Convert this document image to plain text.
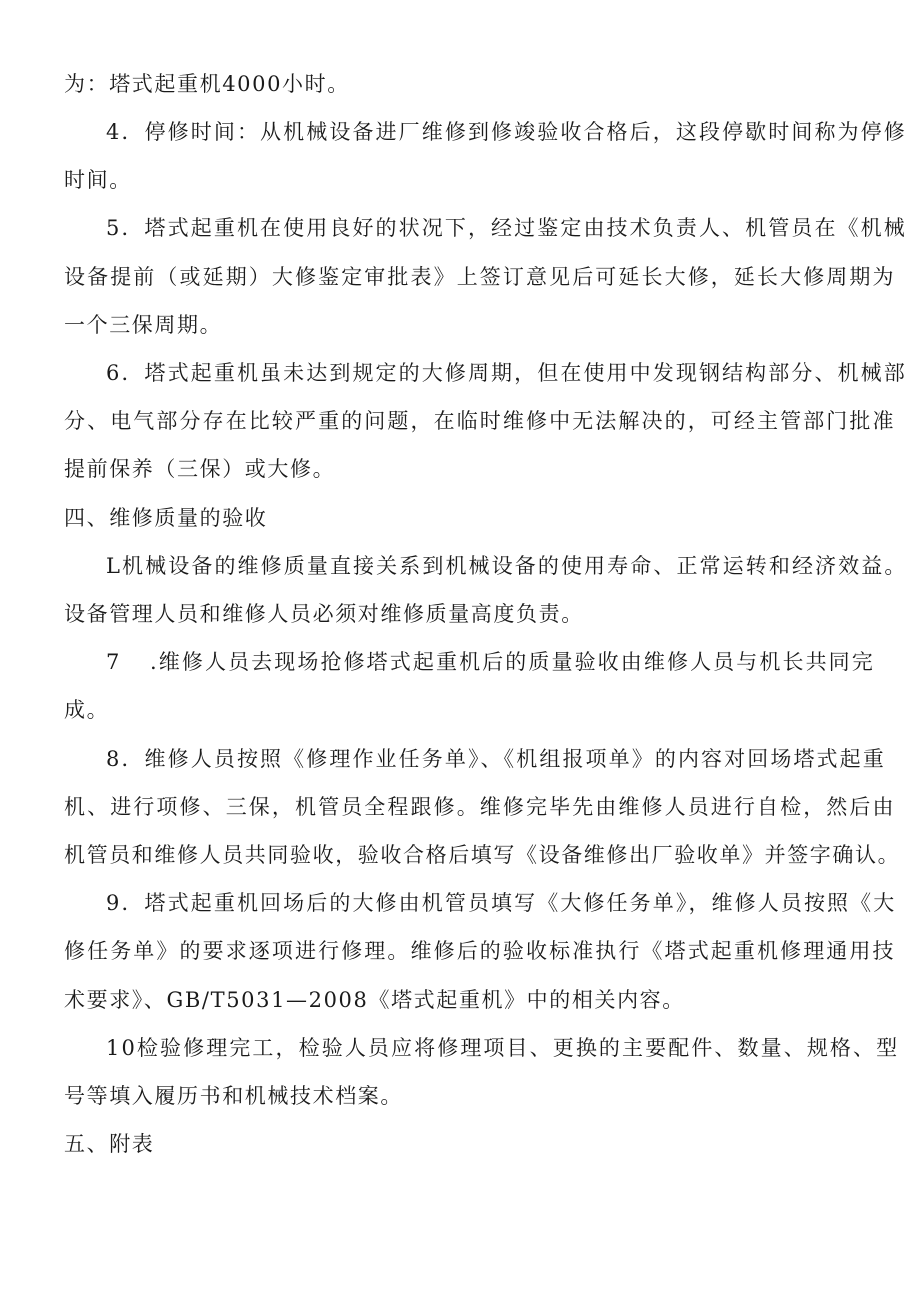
为：塔式起重机4000小时。
4．停修时间：从机械设备进厂维修到修竣验收合格后，这段停歇时间称为停修
时间。
5．塔式起重机在使用良好的状况下，经过鉴定由技术负责人、机管员在《机械
设备提前（或延期）大修鉴定审批表》上签订意见后可延长大修，延长大修周期为
一个三保周期。
6．塔式起重机虽未达到规定的大修周期，但在使用中发现钢结构部分、机械部
分、电气部分存在比较严重的问题，在临时维修中无法解决的，可经主管部门批准
提前保养（三保）或大修。
四、维修质量的验收
L机械设备的维修质量直接关系到机械设备的使用寿命、正常运转和经济效益。
设备管理人员和维修人员必须对维修质量高度负责。
7 .维修人员去现场抢修塔式起重机后的质量验收由维修人员与机长共同完
成。
8．维修人员按照《修理作业任务单》、《机组报项单》的内容对回场塔式起重
机、进行项修、三保，机管员全程跟修。维修完毕先由维修人员进行自检，然后由
机管员和维修人员共同验收，验收合格后填写《设备维修出厂验收单》并签字确认。
9．塔式起重机回场后的大修由机管员填写《大修任务单》，维修人员按照《大
修任务单》的要求逐项进行修理。维修后的验收标准执行《塔式起重机修理通用技
术要求》、GB/T5031—2008《塔式起重机》中的相关内容。
10检验修理完工，检验人员应将修理项目、更换的主要配件、数量、规格、型
号等填入履历书和机械技术档案。
五、附表
